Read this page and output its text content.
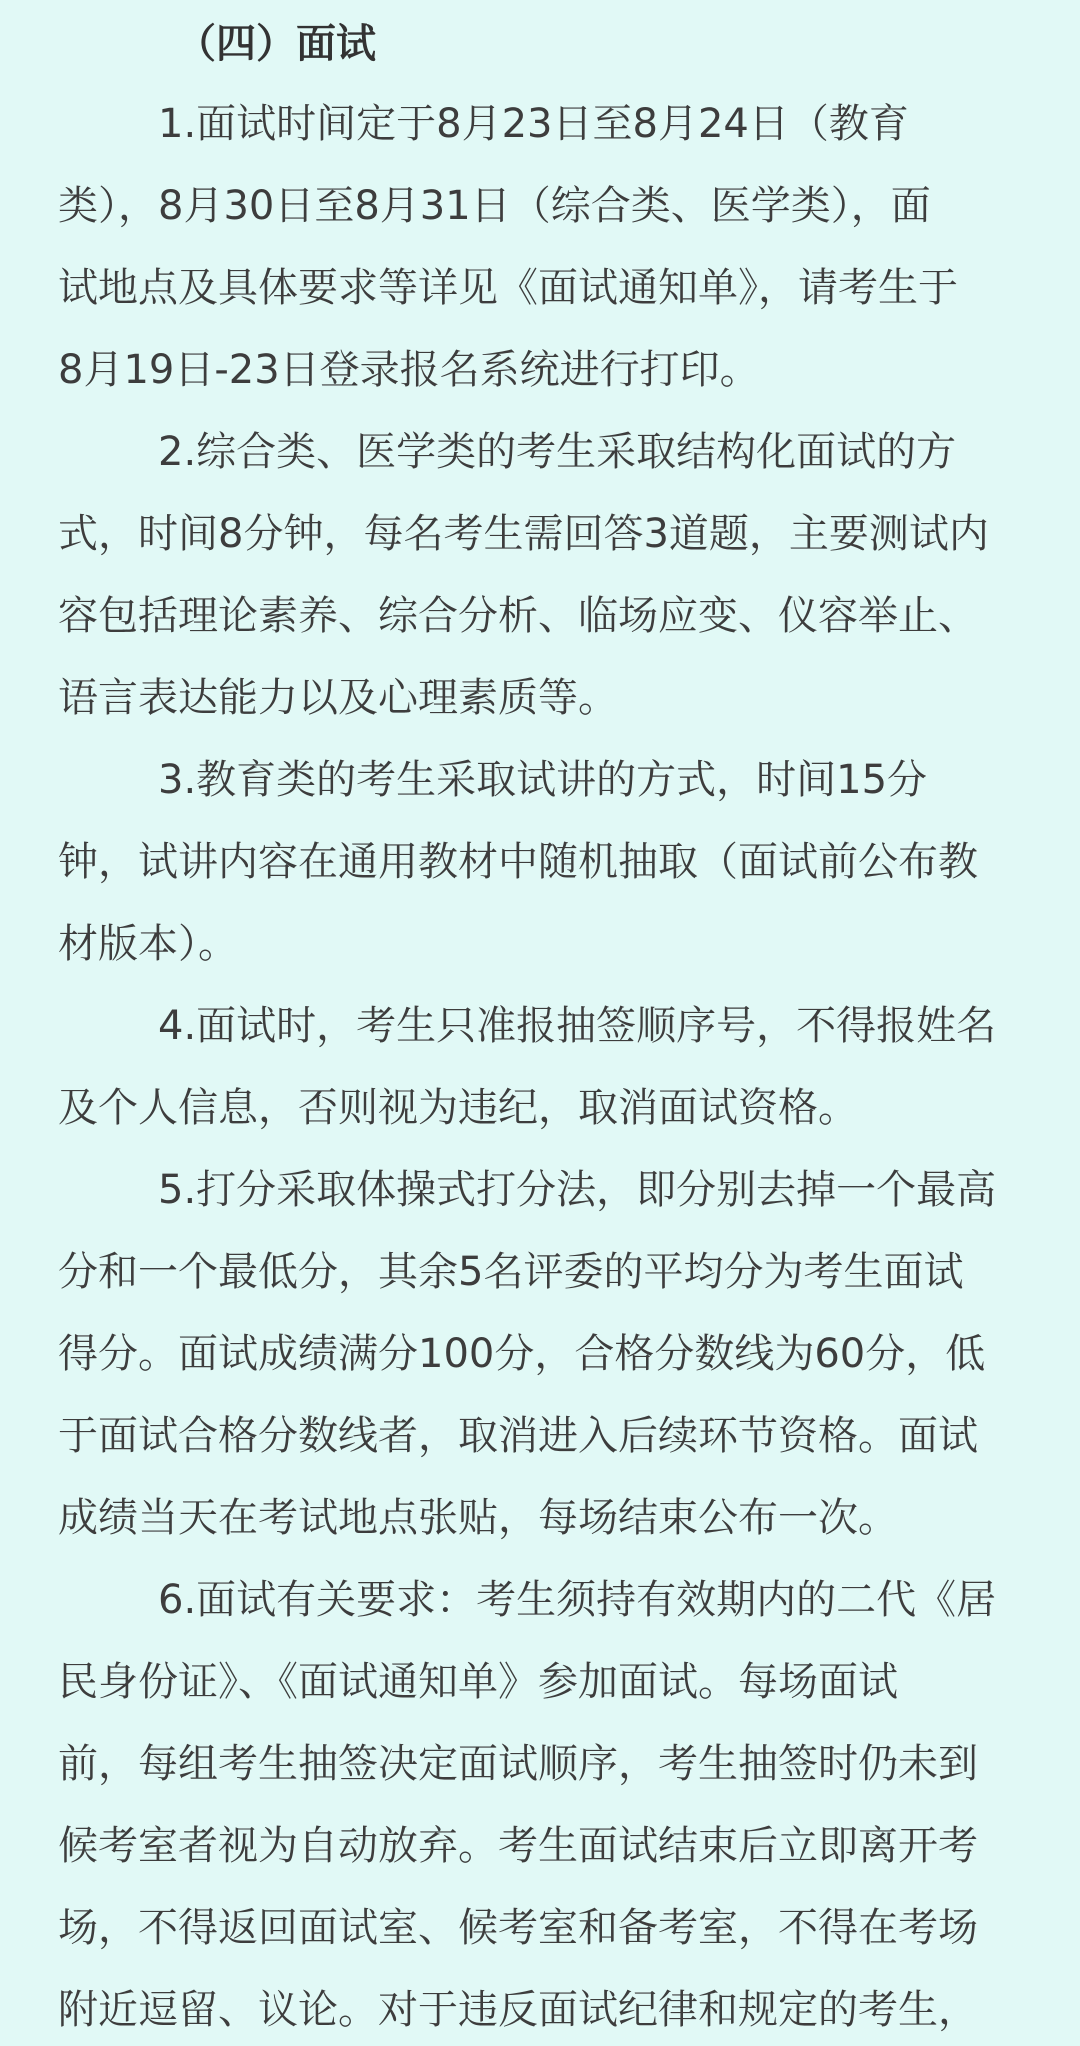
（四）面试
1.面试时间定于8月23日至8月24日（教育
类），8月30日至8月31日（综合类、医学类），面
试地点及具体要求等详见《面试通知单》，请考生于
8月19日-23日登录报名系统进行打印。
2.综合类、医学类的考生采取结构化面试的方
式，时间8分钟，每名考生需回答3道题，主要测试内
容包括理论素养、综合分析、临场应变、仪容举止、
语言表达能力以及心理素质等。
3.教育类的考生采取试讲的方式，时间15分
钟，试讲内容在通用教材中随机抽取（面试前公布教
材版本）。
4.面试时，考生只准报抽签顺序号，不得报姓名
及个人信息，否则视为违纪，取消面试资格。
5.打分采取体操式打分法，即分别去掉一个最高
分和一个最低分，其余5名评委的平均分为考生面试
得分。面试成绩满分100分，合格分数线为60分，低
于面试合格分数线者，取消进入后续环节资格。面试
成绩当天在考试地点张贴，每场结束公布一次。
6.面试有关要求：考生须持有效期内的二代《居
民身份证》、《面试通知单》参加面试。每场面试
前，每组考生抽签决定面试顺序，考生抽签时仍未到
候考室者视为自动放弃。考生面试结束后立即离开考
场，不得返回面试室、候考室和备考室，不得在考场
附近逗留、议论。对于违反面试纪律和规定的考生，
